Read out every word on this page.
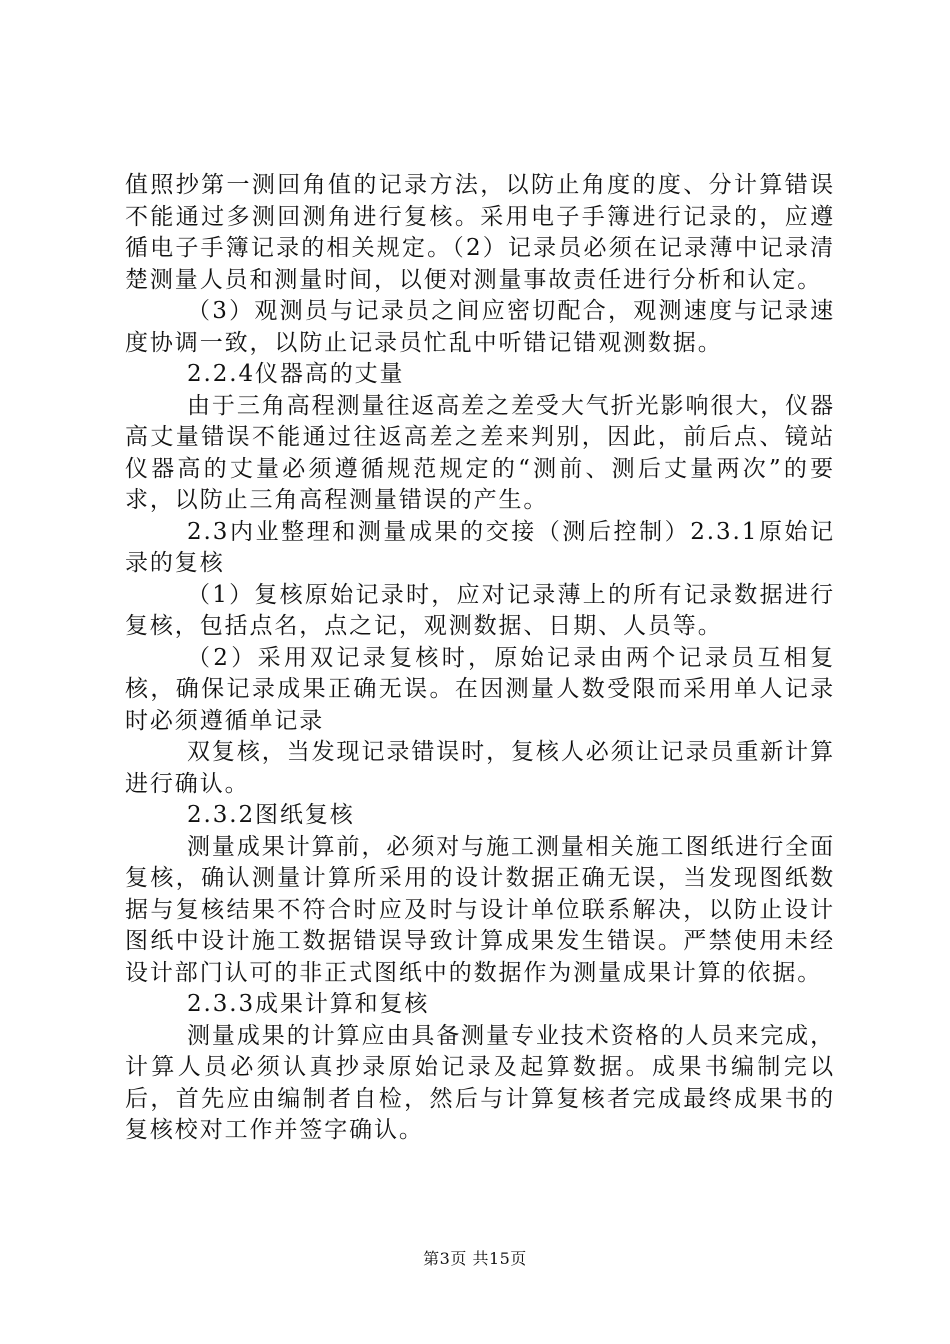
值照抄第一测回角值的记录方法，以防止角度的度、分计算错误不能通过多测回测角进行复核。采用电子手簿进行记录的，应遵循电子手簿记录的相关规定。（2）记录员必须在记录薄中记录清楚测量人员和测量时间，以便对测量事故责任进行分析和认定。

（3）观测员与记录员之间应密切配合，观测速度与记录速度协调一致，以防止记录员忙乱中听错记错观测数据。

2.2.4仪器高的丈量

由于三角高程测量往返高差之差受大气折光影响很大，仪器高丈量错误不能通过往返高差之差来判别，因此，前后点、镜站仪器高的丈量必须遵循规范规定的“测前、测后丈量两次”的要求，以防止三角高程测量错误的产生。

2.3内业整理和测量成果的交接（测后控制）2.3.1原始记录的复核

（1）复核原始记录时，应对记录薄上的所有记录数据进行复核，包括点名，点之记，观测数据、日期、人员等。

（2）采用双记录复核时，原始记录由两个记录员互相复核，确保记录成果正确无误。在因测量人数受限而采用单人记录时必须遵循单记录

双复核，当发现记录错误时，复核人必须让记录员重新计算进行确认。

2.3.2图纸复核

测量成果计算前，必须对与施工测量相关施工图纸进行全面复核，确认测量计算所采用的设计数据正确无误，当发现图纸数据与复核结果不符合时应及时与设计单位联系解决，以防止设计图纸中设计施工数据错误导致计算成果发生错误。严禁使用未经设计部门认可的非正式图纸中的数据作为测量成果计算的依据。

2.3.3成果计算和复核

测量成果的计算应由具备测量专业技术资格的人员来完成，计算人员必须认真抄录原始记录及起算数据。成果书编制完以后，首先应由编制者自检，然后与计算复核者完成最终成果书的复核校对工作并签字确认。

第3页 共15页
